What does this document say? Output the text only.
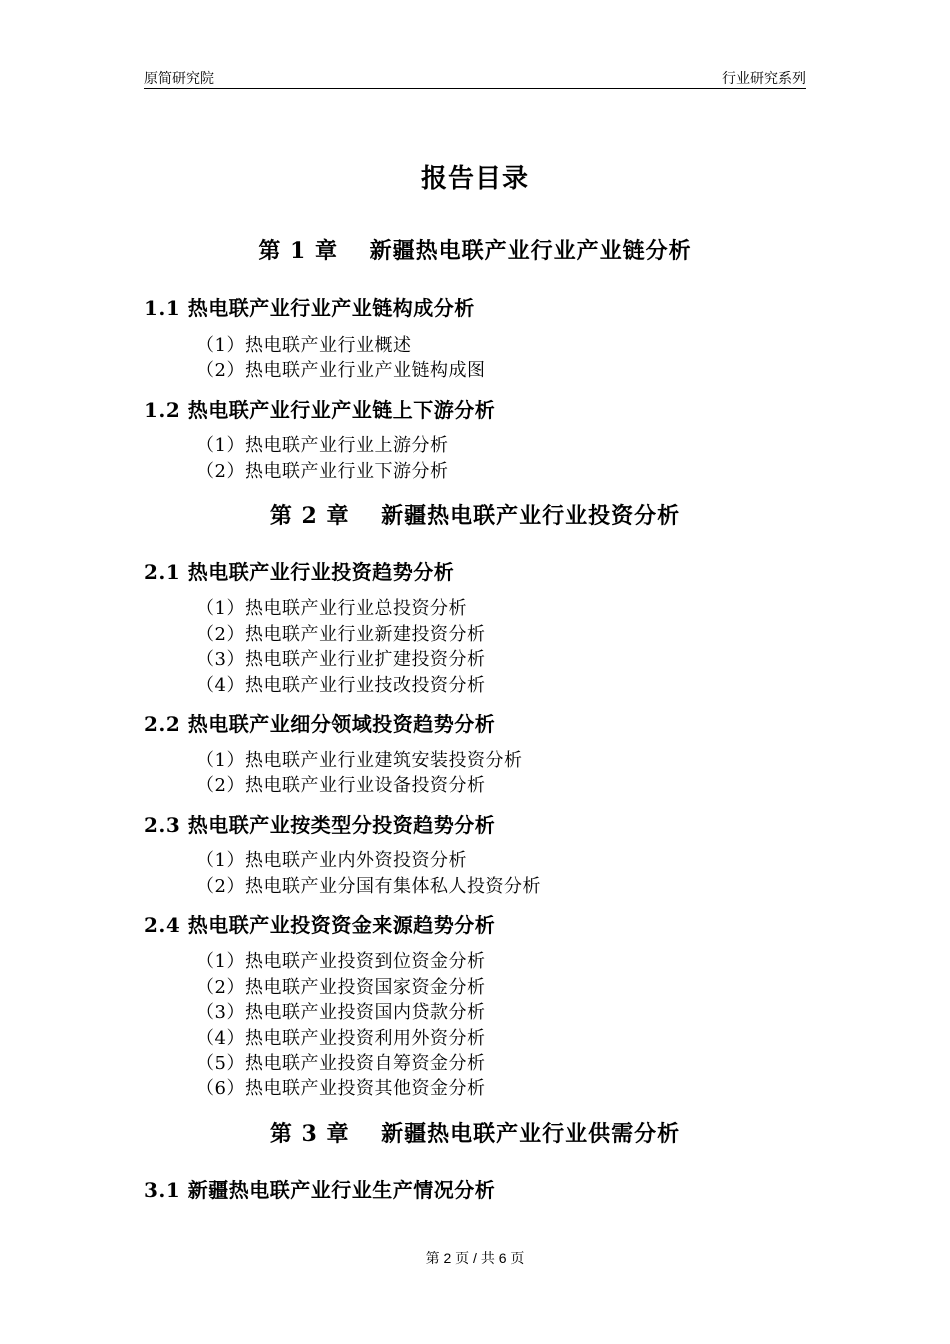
原简研究院	行业研究系列
报告目录
第 1 章　 新疆热电联产业行业产业链分析
1.1 热电联产业行业产业链构成分析
（1）热电联产业行业概述
（2）热电联产业行业产业链构成图
1.2 热电联产业行业产业链上下游分析
（1）热电联产业行业上游分析
（2）热电联产业行业下游分析
第 2 章　 新疆热电联产业行业投资分析
2.1 热电联产业行业投资趋势分析
（1）热电联产业行业总投资分析
（2）热电联产业行业新建投资分析
（3）热电联产业行业扩建投资分析
（4）热电联产业行业技改投资分析
2.2 热电联产业细分领域投资趋势分析
（1）热电联产业行业建筑安装投资分析
（2）热电联产业行业设备投资分析
2.3 热电联产业按类型分投资趋势分析
（1）热电联产业内外资投资分析
（2）热电联产业分国有集体私人投资分析
2.4 热电联产业投资资金来源趋势分析
（1）热电联产业投资到位资金分析
（2）热电联产业投资国家资金分析
（3）热电联产业投资国内贷款分析
（4）热电联产业投资利用外资分析
（5）热电联产业投资自筹资金分析
（6）热电联产业投资其他资金分析
第 3 章　 新疆热电联产业行业供需分析
3.1 新疆热电联产业行业生产情况分析
第 2 页 / 共 6 页
